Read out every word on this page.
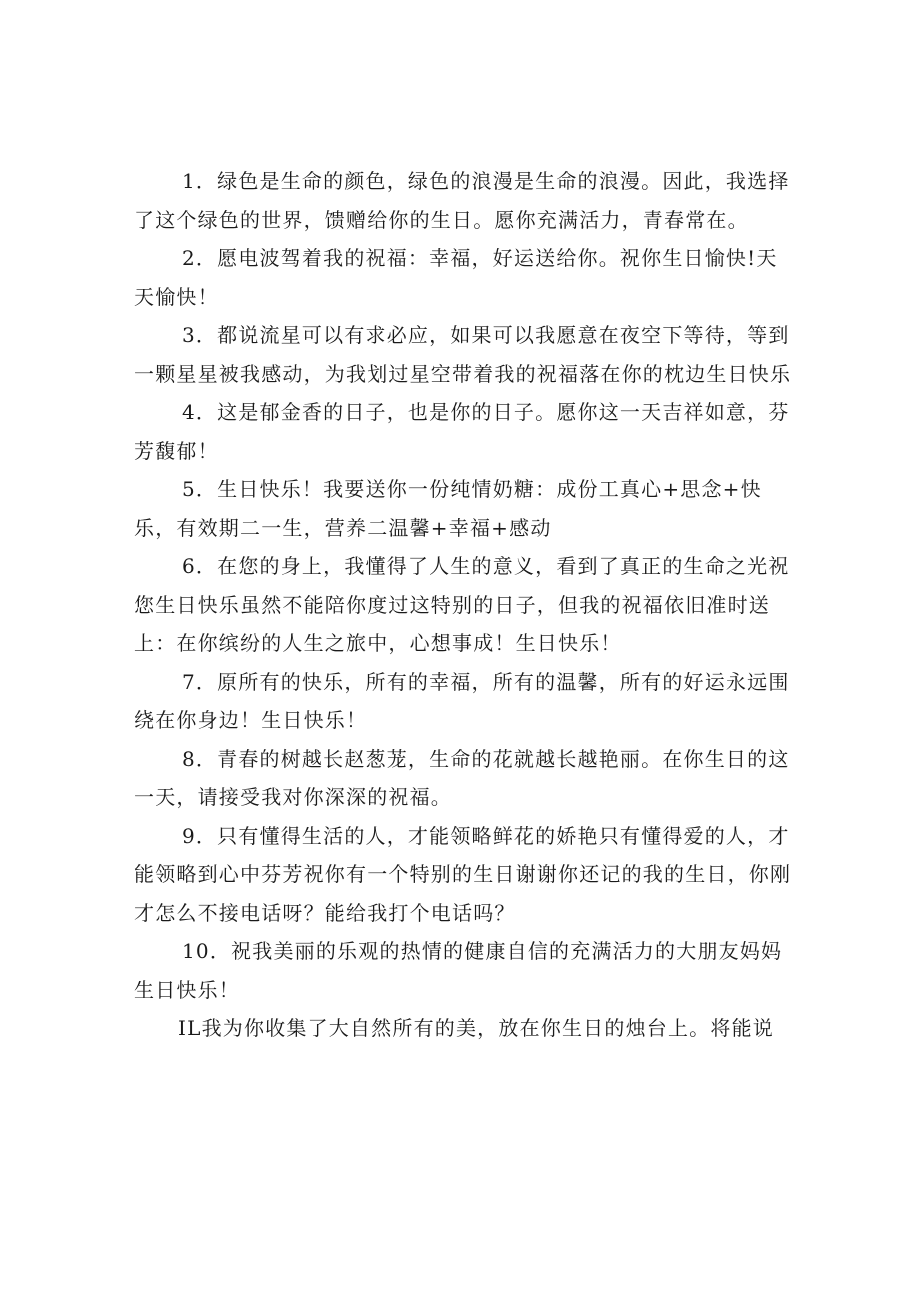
1．绿色是生命的颜色，绿色的浪漫是生命的浪漫。因此，我选择了这个绿色的世界，馈赠给你的生日。愿你充满活力，青春常在。

2．愿电波驾着我的祝福：幸福，好运送给你。祝你生日愉快!天天愉快！

3．都说流星可以有求必应，如果可以我愿意在夜空下等待，等到一颗星星被我感动，为我划过星空带着我的祝福落在你的枕边生日快乐

4．这是郁金香的日子，也是你的日子。愿你这一天吉祥如意，芬芳馥郁！

5．生日快乐！我要送你一份纯情奶糖：成份工真心+思念+快乐，有效期二一生，营养二温馨+幸福+感动

6．在您的身上，我懂得了人生的意义，看到了真正的生命之光祝您生日快乐虽然不能陪你度过这特别的日子，但我的祝福依旧准时送上：在你缤纷的人生之旅中，心想事成！生日快乐！

7．原所有的快乐，所有的幸福，所有的温馨，所有的好运永远围绕在你身边！生日快乐！

8．青春的树越长赵葱茏，生命的花就越长越艳丽。在你生日的这一天，请接受我对你深深的祝福。

9．只有懂得生活的人，才能领略鲜花的娇艳只有懂得爱的人，才能领略到心中芬芳祝你有一个特别的生日谢谢你还记的我的生日，你刚才怎么不接电话呀？能给我打个电话吗？

10．祝我美丽的乐观的热情的健康自信的充满活力的大朋友妈妈生日快乐！

IL我为你收集了大自然所有的美，放在你生日的烛台上。将能说
